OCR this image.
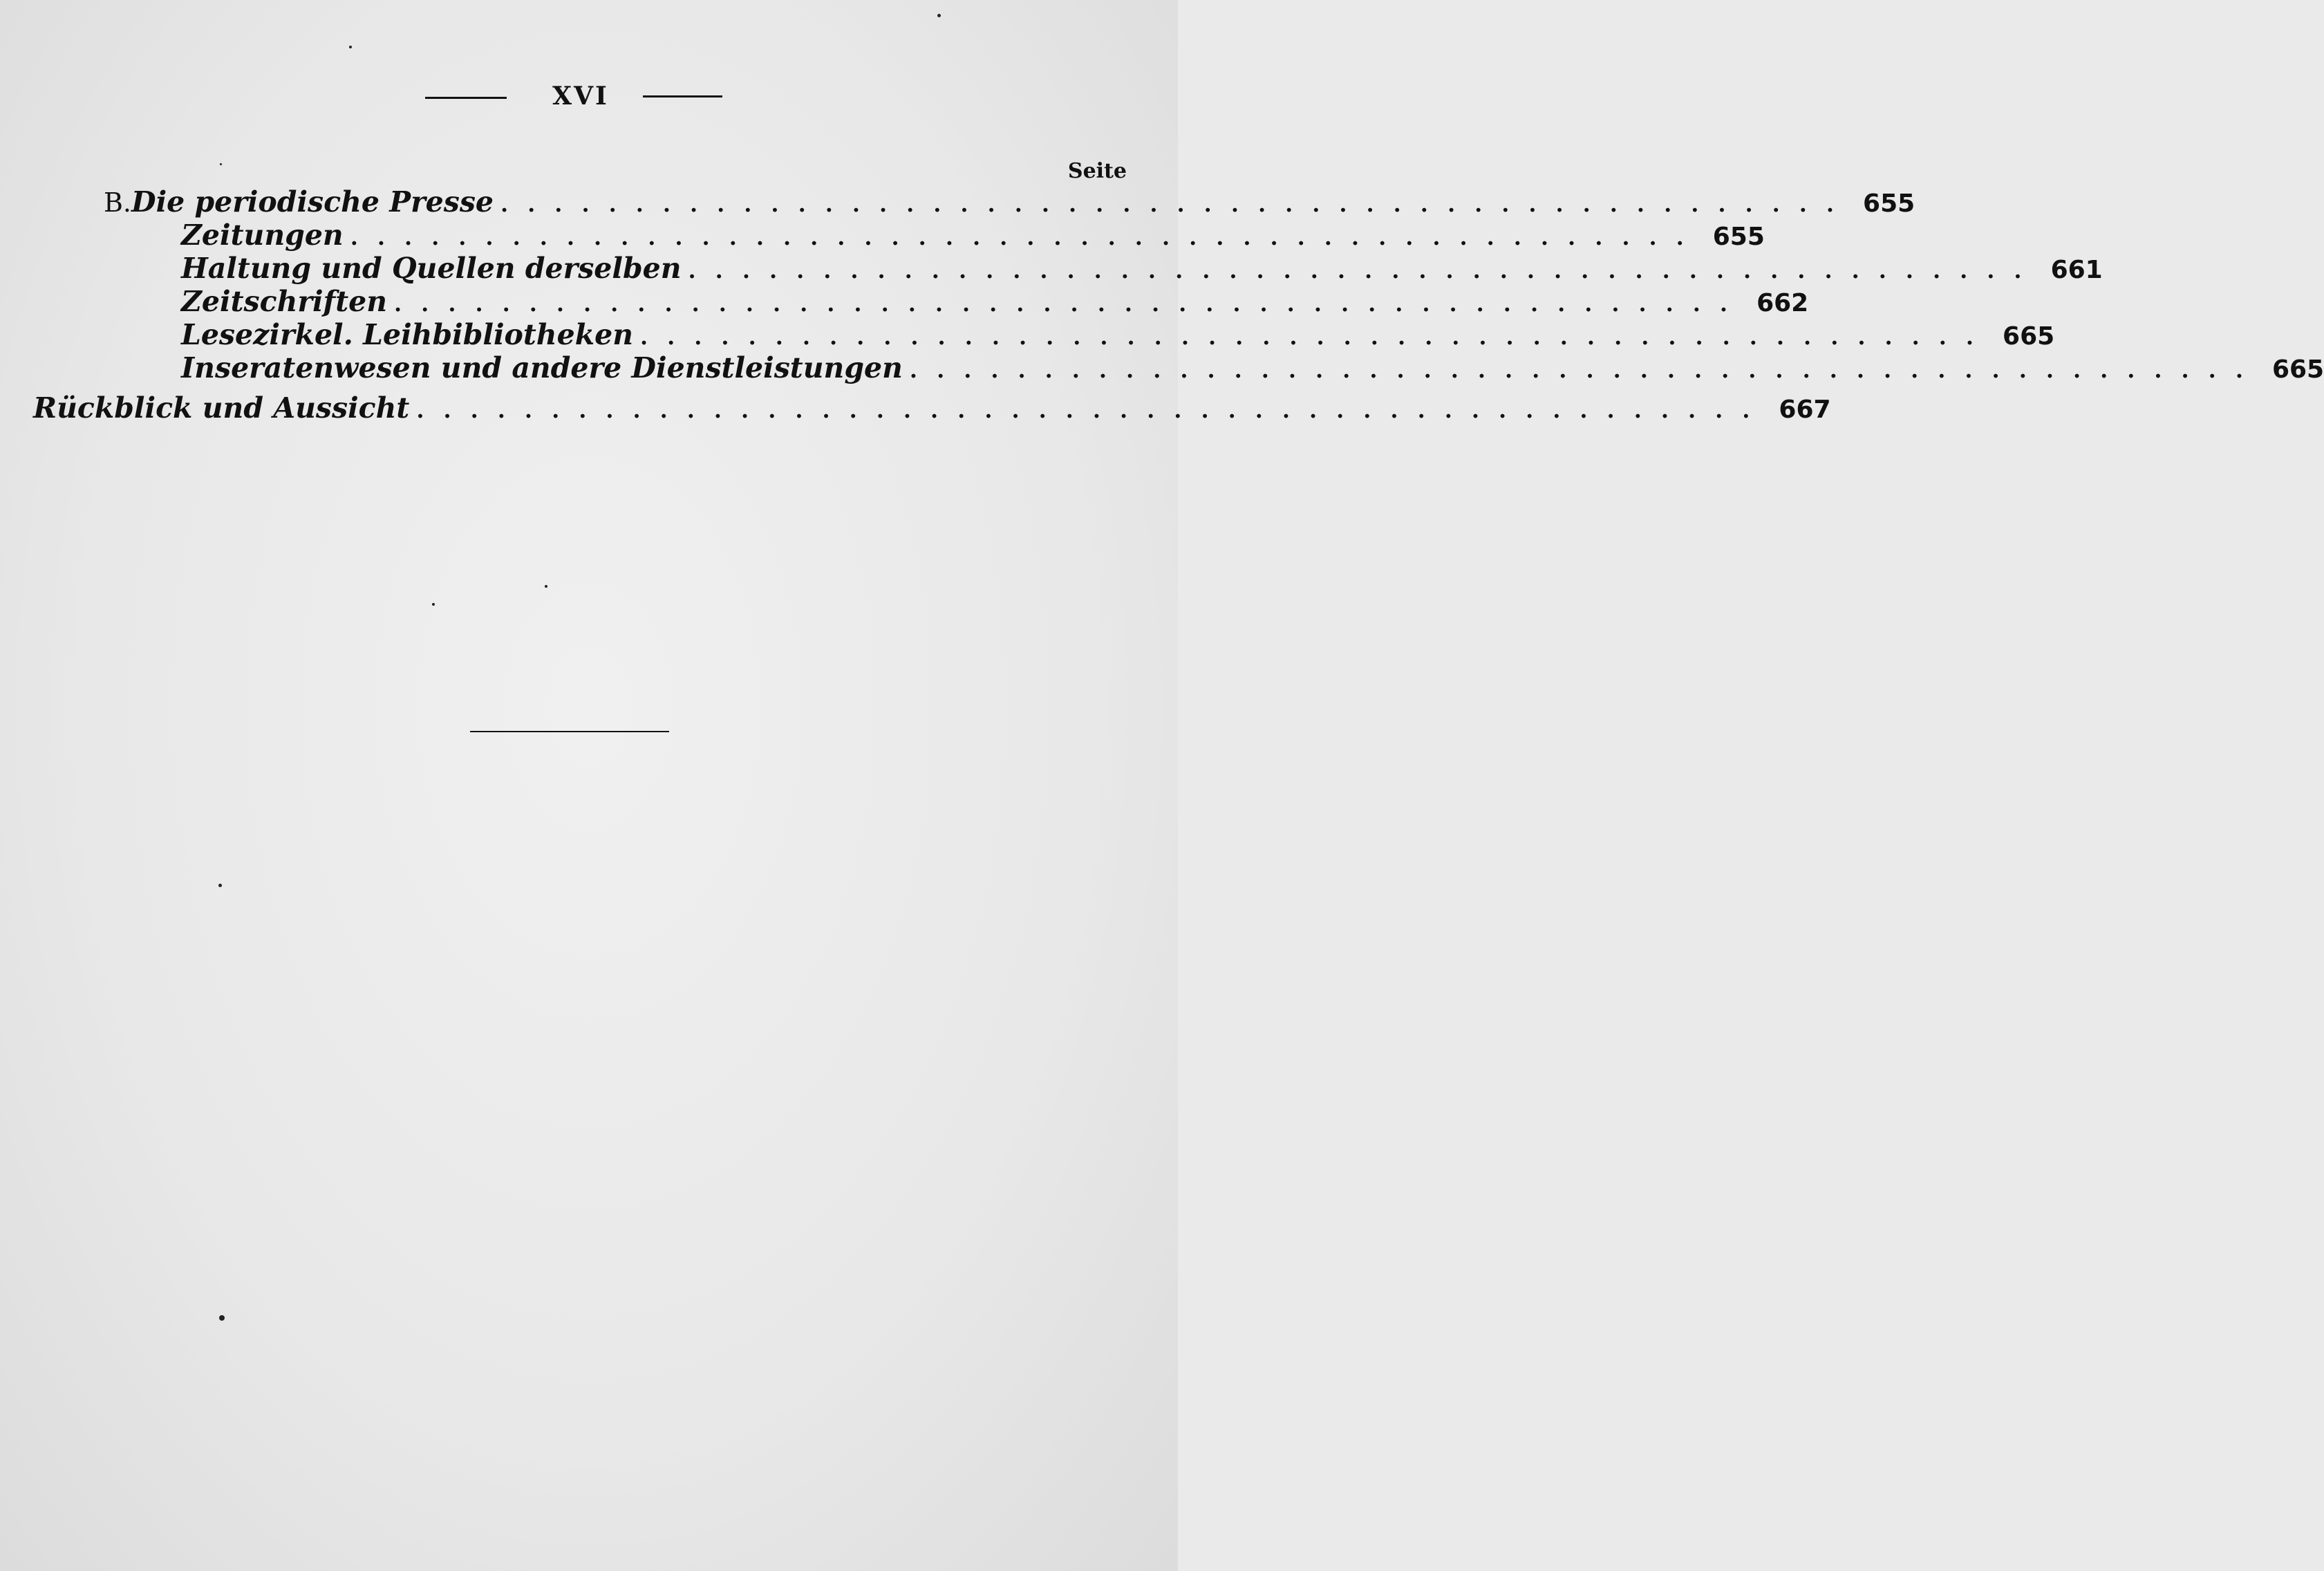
XVI
Seite
B. Die periodische Presse .................................................. 655
Zeitungen .................................................. 655
Haltung und Quellen derselben .................................................. 661
Zeitschriften .................................................. 662
Lesezirkel. Leihbibliotheken .................................................. 665
Inseratenwesen und andere Dienstleistungen .................................................. 665
Rückblick und Aussicht .................................................. 667
